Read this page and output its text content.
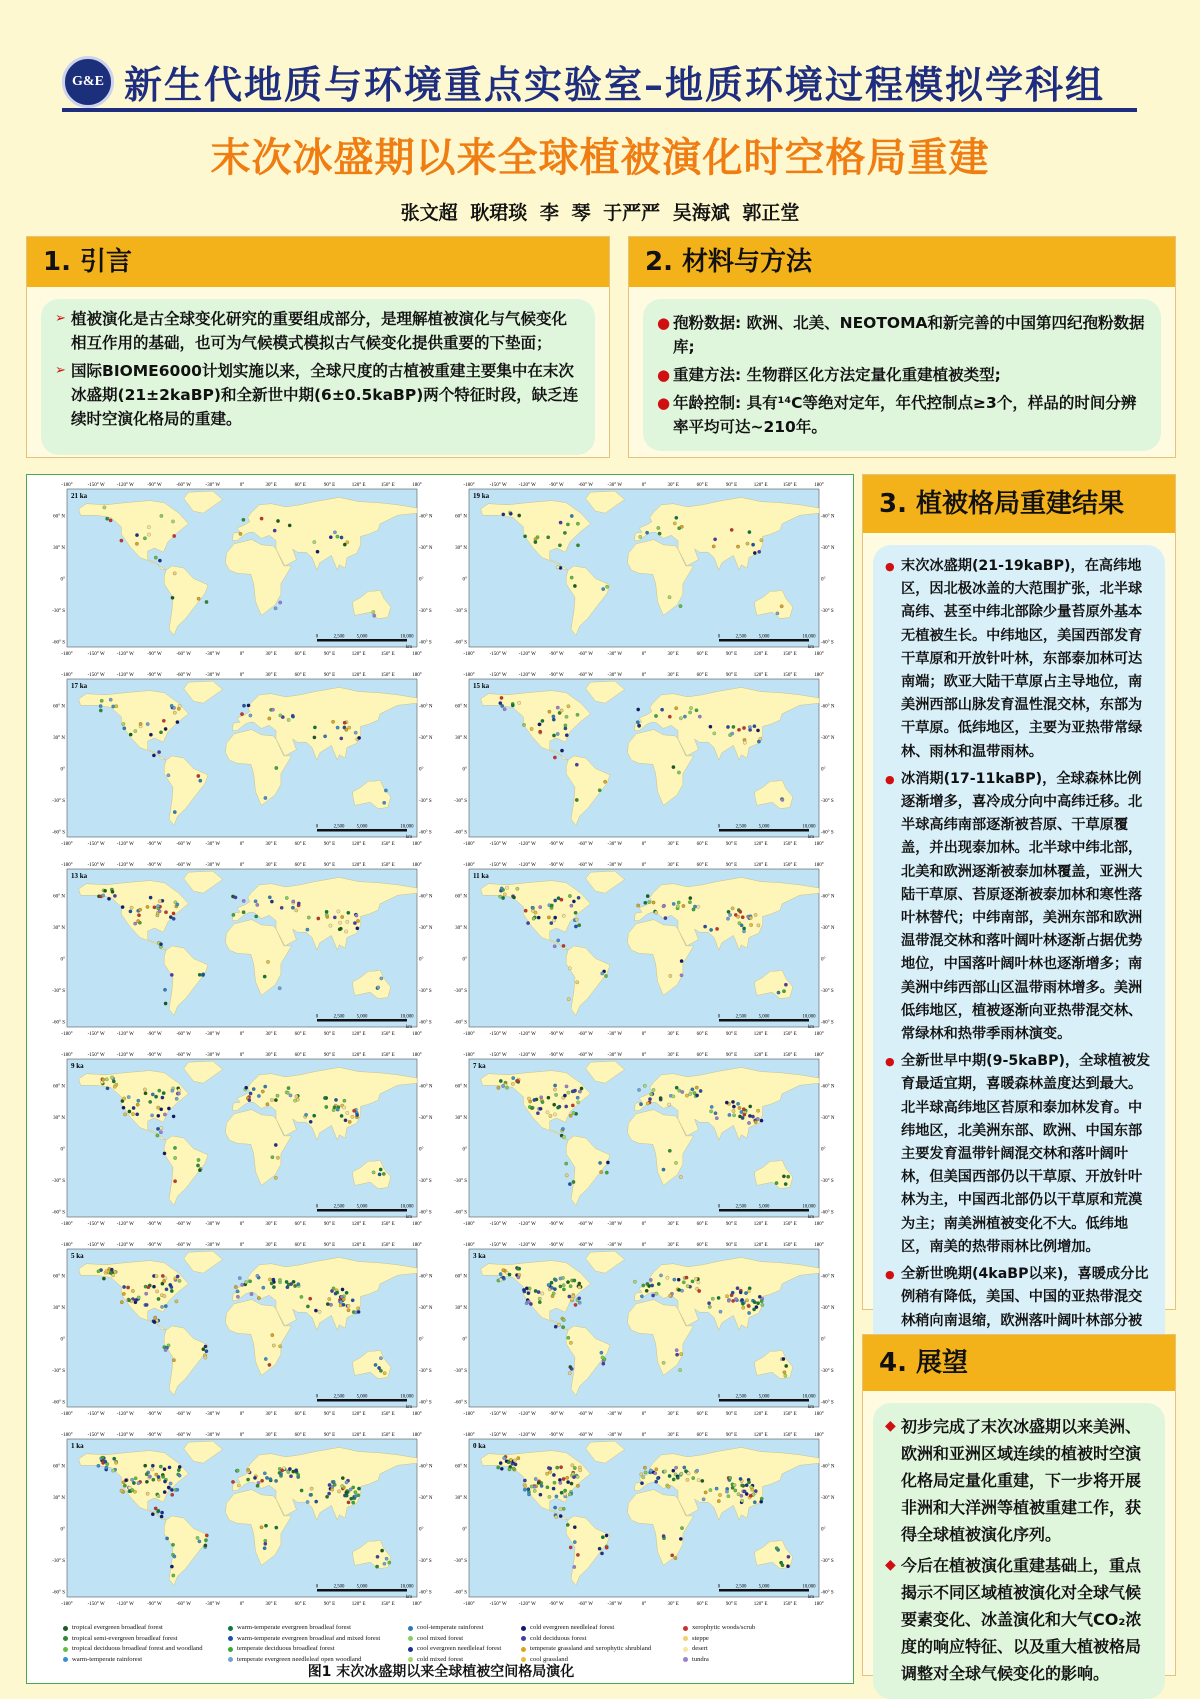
G&E 新生代地质与环境重点实验室–地质环境过程模拟学科组
末次冰盛期以来全球植被演化时空格局重建
张文超 耿珺琰 李 琴 于严严 吴海斌 郭正堂
1. 引言
➢ 植被演化是古全球变化研究的重要组成部分，是理解植被演化与气候变化相互作用的基础，也可为气候模式模拟古气候变化提供重要的下垫面；
➢ 国际BIOME6000计划实施以来，全球尺度的古植被重建主要集中在末次冰盛期(21±2kaBP)和全新世中期(6±0.5kaBP)两个特征时段，缺乏连续时空演化格局的重建。
2. 材料与方法
● 孢粉数据: 欧洲、北美、NEOTOMA和新完善的中国第四纪孢粉数据库;
● 重建方法: 生物群区化方法定量化重建植被类型;
● 年龄控制: 具有¹⁴C等绝对定年，年代控制点≥3个，样品的时间分辨率平均可达~210年。
21 ka
-180°
-180°
-150° W
-150° W
-120° W
-120° W
-90° W
-90° W
-60° W
-60° W
-30° W
-30° W
0°
0°
30° E
30° E
60° E
60° E
90° E
90° E
120° E
120° E
150° E
150° E
180°
180°
60° N	-60° N
30° N	-30° N
0°	0°
-30° S	-30° S
-60° S	-60° S
0	2,500	5,000	10,000
km
19 ka
-180°
-180°
-150° W
-150° W
-120° W
-120° W
-90° W
-90° W
-60° W
-60° W
-30° W
-30° W
0°
0°
30° E
30° E
60° E
60° E
90° E
90° E
120° E
120° E
150° E
150° E
180°
180°
60° N	-60° N
30° N	-30° N
0°	0°
-30° S	-30° S
-60° S	-60° S
0	2,500	5,000	10,000
km
17 ka
-180°
-180°
-150° W
-150° W
-120° W
-120° W
-90° W
-90° W
-60° W
-60° W
-30° W
-30° W
0°
0°
30° E
30° E
60° E
60° E
90° E
90° E
120° E
120° E
150° E
150° E
180°
180°
60° N	-60° N
30° N	-30° N
0°	0°
-30° S	-30° S
-60° S	-60° S
0	2,500	5,000	10,000
km
15 ka
-180°
-180°
-150° W
-150° W
-120° W
-120° W
-90° W
-90° W
-60° W
-60° W
-30° W
-30° W
0°
0°
30° E
30° E
60° E
60° E
90° E
90° E
120° E
120° E
150° E
150° E
180°
180°
60° N	-60° N
30° N	-30° N
0°	0°
-30° S	-30° S
-60° S	-60° S
0	2,500	5,000	10,000
km
13 ka
-180°
-180°
-150° W
-150° W
-120° W
-120° W
-90° W
-90° W
-60° W
-60° W
-30° W
-30° W
0°
0°
30° E
30° E
60° E
60° E
90° E
90° E
120° E
120° E
150° E
150° E
180°
180°
60° N	-60° N
30° N	-30° N
0°	0°
-30° S	-30° S
-60° S	-60° S
0	2,500	5,000	10,000
km
11 ka
-180°
-180°
-150° W
-150° W
-120° W
-120° W
-90° W
-90° W
-60° W
-60° W
-30° W
-30° W
0°
0°
30° E
30° E
60° E
60° E
90° E
90° E
120° E
120° E
150° E
150° E
180°
180°
60° N	-60° N
30° N	-30° N
0°	0°
-30° S	-30° S
-60° S	-60° S
0	2,500	5,000	10,000
km
9 ka
-180°
-180°
-150° W
-150° W
-120° W
-120° W
-90° W
-90° W
-60° W
-60° W
-30° W
-30° W
0°
0°
30° E
30° E
60° E
60° E
90° E
90° E
120° E
120° E
150° E
150° E
180°
180°
60° N	-60° N
30° N	-30° N
0°	0°
-30° S	-30° S
-60° S	-60° S
0	2,500	5,000	10,000
km
7 ka
-180°
-180°
-150° W
-150° W
-120° W
-120° W
-90° W
-90° W
-60° W
-60° W
-30° W
-30° W
0°
0°
30° E
30° E
60° E
60° E
90° E
90° E
120° E
120° E
150° E
150° E
180°
180°
60° N	-60° N
30° N	-30° N
0°	0°
-30° S	-30° S
-60° S	-60° S
0	2,500	5,000	10,000
km
5 ka
-180°
-180°
-150° W
-150° W
-120° W
-120° W
-90° W
-90° W
-60° W
-60° W
-30° W
-30° W
0°
0°
30° E
30° E
60° E
60° E
90° E
90° E
120° E
120° E
150° E
150° E
180°
180°
60° N	-60° N
30° N	-30° N
0°	0°
-30° S	-30° S
-60° S	-60° S
0	2,500	5,000	10,000
km
3 ka
-180°
-180°
-150° W
-150° W
-120° W
-120° W
-90° W
-90° W
-60° W
-60° W
-30° W
-30° W
0°
0°
30° E
30° E
60° E
60° E
90° E
90° E
120° E
120° E
150° E
150° E
180°
180°
60° N	-60° N
30° N	-30° N
0°	0°
-30° S	-30° S
-60° S	-60° S
0	2,500	5,000	10,000
km
1 ka
-180°
-180°
-150° W
-150° W
-120° W
-120° W
-90° W
-90° W
-60° W
-60° W
-30° W
-30° W
0°
0°
30° E
30° E
60° E
60° E
90° E
90° E
120° E
120° E
150° E
150° E
180°
180°
60° N	-60° N
30° N	-30° N
0°	0°
-30° S	-30° S
-60° S	-60° S
0	2,500	5,000	10,000
km
0 ka
-180°
-180°
-150° W
-150° W
-120° W
-120° W
-90° W
-90° W
-60° W
-60° W
-30° W
-30° W
0°
0°
30° E
30° E
60° E
60° E
90° E
90° E
120° E
120° E
150° E
150° E
180°
180°
60° N	-60° N
30° N	-30° N
0°	0°
-30° S	-30° S
-60° S	-60° S
0	2,500	5,000	10,000
km
tropical evergreen broadleaf forest
tropical semi-evergreen broadleaf forest
tropical deciduous broadleaf forest and woodland
warm-temperate rainforest
warm-temperate evergreen broadleaf forest
warm-temperate evergreen broadleaf and mixed forest
temperate deciduous broadleaf forest
temperate evergreen needleleaf open woodland
cool-temperate rainforest
cool mixed forest
cool evergreen needleleaf forest
cold mixed forest
cold evergreen needleleaf forest
cold deciduous forest
temperate grassland and xerophytic shrubland
cool grassland
xerophytic woods/scrub
steppe
desert
tundra
图1 末次冰盛期以来全球植被空间格局演化
3. 植被格局重建结果
● 末次冰盛期(21-19kaBP)，在高纬地区，因北极冰盖的大范围扩张，北半球高纬、甚至中纬北部除少量苔原外基本无植被生长。中纬地区，美国西部发育干草原和开放针叶林，东部泰加林可达南端；欧亚大陆干草原占主导地位，南美洲西部山脉发育温性混交林，东部为干草原。低纬地区，主要为亚热带常绿林、雨林和温带雨林。
● 冰消期(17-11kaBP)，全球森林比例逐渐增多，喜冷成分向中高纬迁移。北半球高纬南部逐渐被苔原、干草原覆盖，并出现泰加林。北半球中纬北部，北美和欧洲逐渐被泰加林覆盖，亚洲大陆干草原、苔原逐渐被泰加林和寒性落叶林替代；中纬南部，美洲东部和欧洲温带混交林和落叶阔叶林逐渐占据优势地位，中国落叶阔叶林也逐渐增多；南美洲中纬西部山区温带雨林增多。美洲低纬地区，植被逐渐向亚热带混交林、常绿林和热带季雨林演变。
● 全新世早中期(9-5kaBP)，全球植被发育最适宜期，喜暖森林盖度达到最大。北半球高纬地区苔原和泰加林发育。中纬地区，北美洲东部、欧洲、中国东部主要发育温带针阔混交林和落叶阔叶林，但美国西部仍以干草原、开放针叶林为主，中国西北部仍以干草原和荒漠为主；南美洲植被变化不大。低纬地区，南美的热带雨林比例增加。
● 全新世晚期(4kaBP以来)，喜暖成分比例稍有降低，美国、中国的亚热带混交林稍向南退缩，欧洲落叶阔叶林部分被
4. 展望
◆ 初步完成了末次冰盛期以来美洲、欧洲和亚洲区域连续的植被时空演化格局定量化重建，下一步将开展非洲和大洋洲等植被重建工作，获得全球植被演化序列。
◆ 今后在植被演化重建基础上，重点揭示不同区域植被演化对全球气候要素变化、冰盖演化和大气CO₂浓度的响应特征、以及重大植被格局调整对全球气候变化的影响。
